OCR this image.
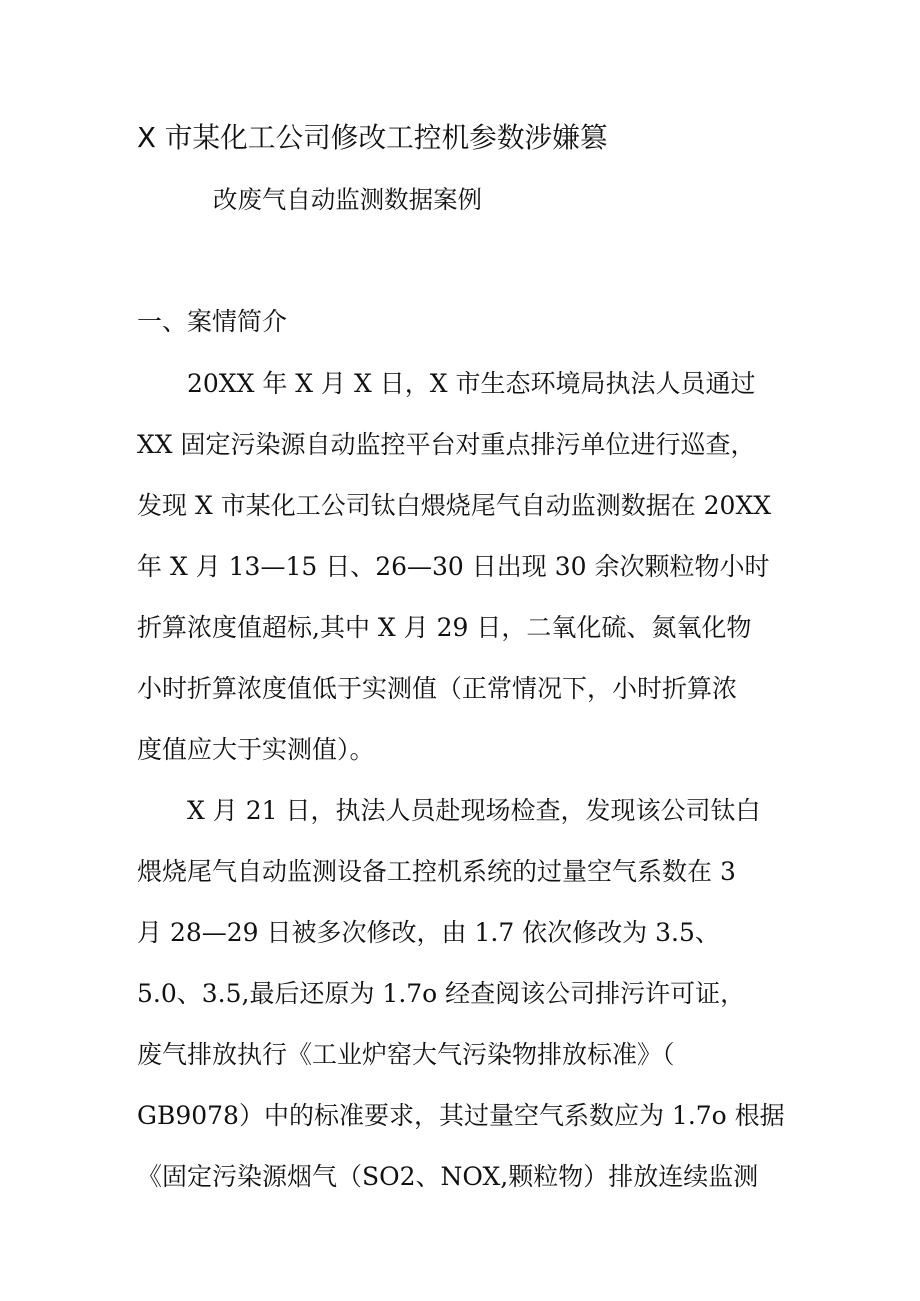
X 市某化工公司修改工控机参数涉嫌篡
改废气自动监测数据案例
一、案情简介
20XX 年 X 月 X 日，X 市生态环境局执法人员通过
XX 固定污染源自动监控平台对重点排污单位进行巡查，
发现 X 市某化工公司钛白煨烧尾气自动监测数据在 20XX
年 X 月 13—15 日、26—30 日出现 30 余次颗粒物小时
折算浓度值超标,其中 X 月 29 日，二氧化硫、氮氧化物
小时折算浓度值低于实测值（正常情况下，小时折算浓
度值应大于实测值）。
X 月 21 日，执法人员赴现场检查，发现该公司钛白
煨烧尾气自动监测设备工控机系统的过量空气系数在 3
月 28—29 日被多次修改，由 1.7 依次修改为 3.5、
5.0、3.5,最后还原为 1.7o 经查阅该公司排污许可证，
废气排放执行《工业炉窑大气污染物排放标准》（
GB9078）中的标准要求，其过量空气系数应为 1.7o 根据
《固定污染源烟气（SO2、NOX,颗粒物）排放连续监测
